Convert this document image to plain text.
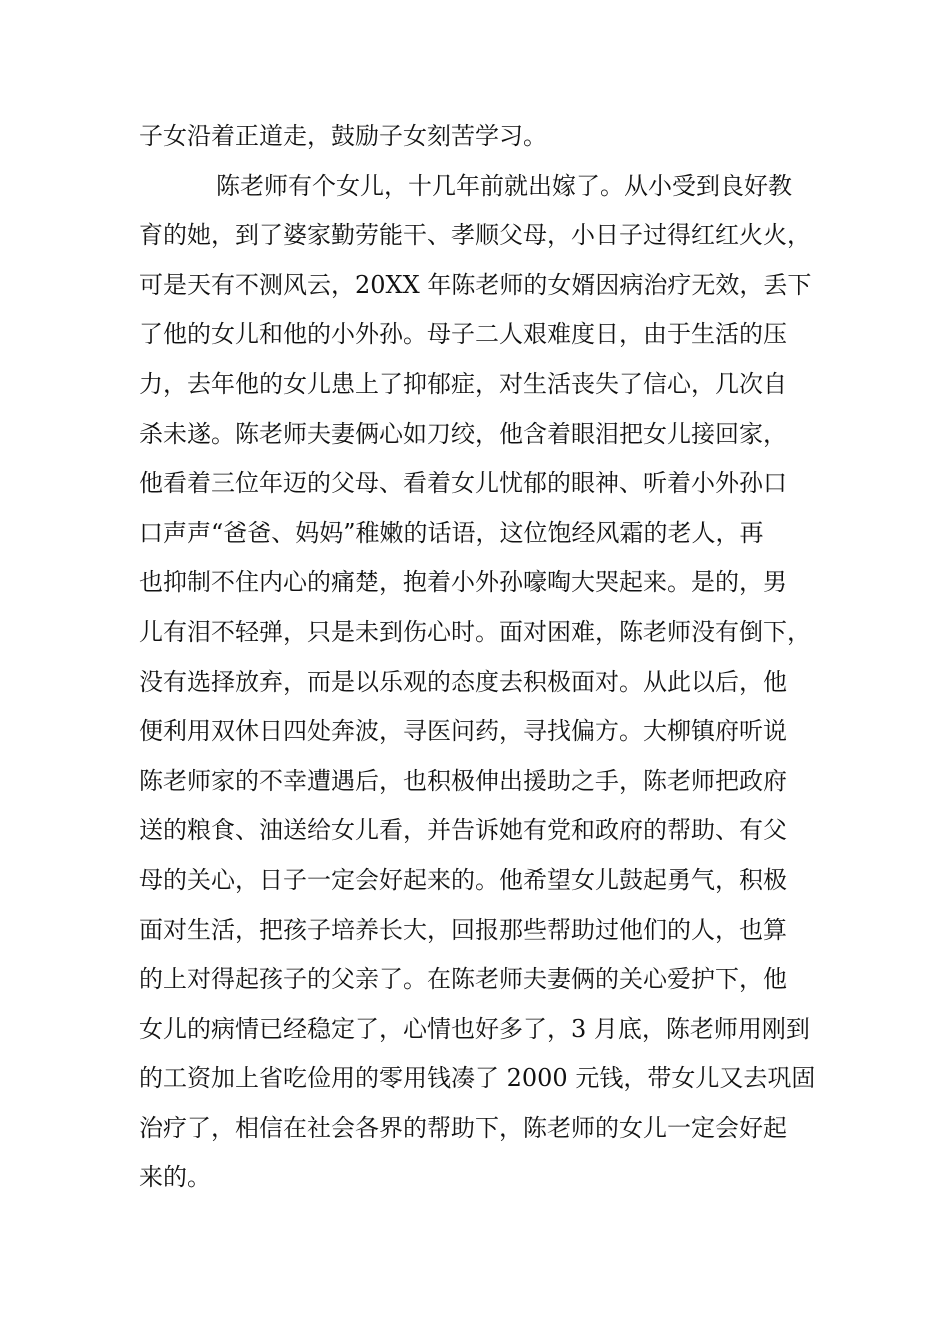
子女沿着正道走，鼓励子女刻苦学习。
陈老师有个女儿，十几年前就出嫁了。从小受到良好教
育的她，到了婆家勤劳能干、孝顺父母，小日子过得红红火火，
可是天有不测风云，20XX 年陈老师的女婿因病治疗无效，丢下
了他的女儿和他的小外孙。母子二人艰难度日，由于生活的压
力，去年他的女儿患上了抑郁症，对生活丧失了信心，几次自
杀未遂。陈老师夫妻俩心如刀绞，他含着眼泪把女儿接回家，
他看着三位年迈的父母、看着女儿忧郁的眼神、听着小外孙口
口声声“爸爸、妈妈”稚嫩的话语，这位饱经风霜的老人，再
也抑制不住内心的痛楚，抱着小外孙嚎啕大哭起来。是的，男
儿有泪不轻弹，只是未到伤心时。面对困难，陈老师没有倒下，
没有选择放弃，而是以乐观的态度去积极面对。从此以后，他
便利用双休日四处奔波，寻医问药，寻找偏方。大柳镇府听说
陈老师家的不幸遭遇后，也积极伸出援助之手，陈老师把政府
送的粮食、油送给女儿看，并告诉她有党和政府的帮助、有父
母的关心，日子一定会好起来的。他希望女儿鼓起勇气，积极
面对生活，把孩子培养长大，回报那些帮助过他们的人，也算
的上对得起孩子的父亲了。在陈老师夫妻俩的关心爱护下，他
女儿的病情已经稳定了，心情也好多了，3 月底，陈老师用刚到
的工资加上省吃俭用的零用钱凑了 2000 元钱，带女儿又去巩固
治疗了，相信在社会各界的帮助下，陈老师的女儿一定会好起
来的。
